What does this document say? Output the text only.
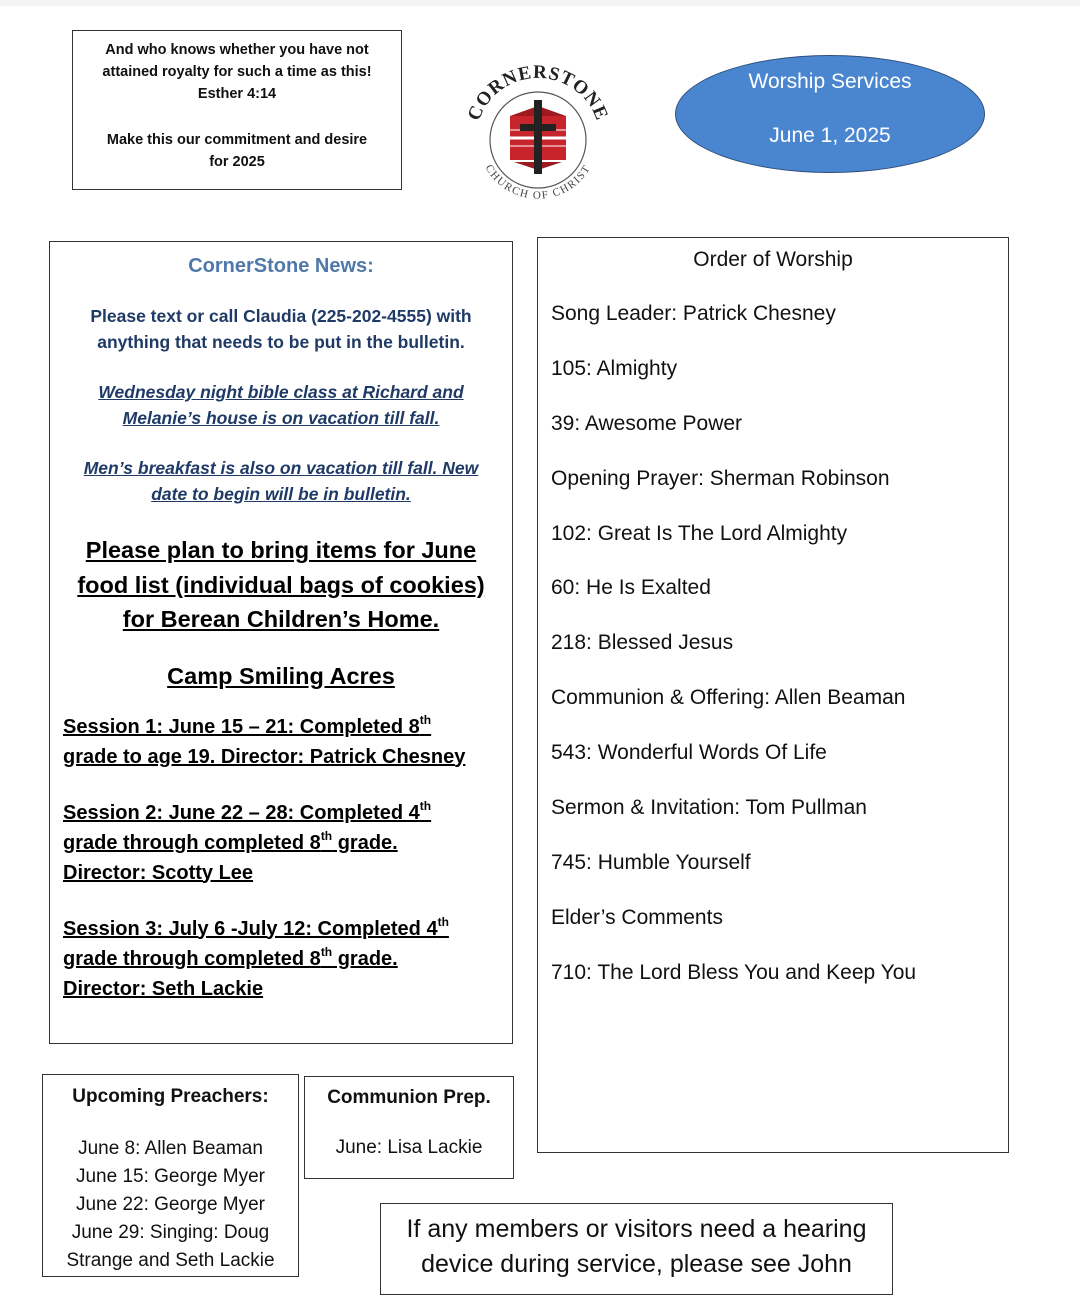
And who knows whether you have not
attained royalty for such a time as this!
Esther 4:14
Make this our commitment and desire
for 2025
CORNERSTONE
CHURCH OF CHRIST
Worship Services
June 1, 2025
CornerStone News:
Please text or call Claudia (225-202-4555) with
anything that needs to be put in the bulletin.
Wednesday night bible class at Richard and
Melanie’s house is on vacation till fall.
Men’s breakfast is also on vacation till fall. New
date to begin will be in bulletin.
Please plan to bring items for June
food list (individual bags of cookies)
for Berean Children’s Home.
Camp Smiling Acres
Session 1: June 15 – 21: Completed 8th
grade to age 19. Director: Patrick Chesney
Session 2: June 22 – 28: Completed 4th
grade through completed 8th grade.
Director: Scotty Lee
Session 3: July 6 -July 12: Completed 4th
grade through completed 8th grade.
Director: Seth Lackie
Order of Worship
Song Leader: Patrick Chesney
105: Almighty
39: Awesome Power
Opening Prayer: Sherman Robinson
102: Great Is The Lord Almighty
60: He Is Exalted
218: Blessed Jesus
Communion & Offering: Allen Beaman
543: Wonderful Words Of Life
Sermon & Invitation: Tom Pullman
745: Humble Yourself
Elder’s Comments
710: The Lord Bless You and Keep You
Upcoming Preachers:
June 8: Allen Beaman
June 15: George Myer
June 22: George Myer
June 29: Singing: Doug
Strange and Seth Lackie
Communion Prep.
June: Lisa Lackie
If any members or visitors need a hearing
device during service, please see John
